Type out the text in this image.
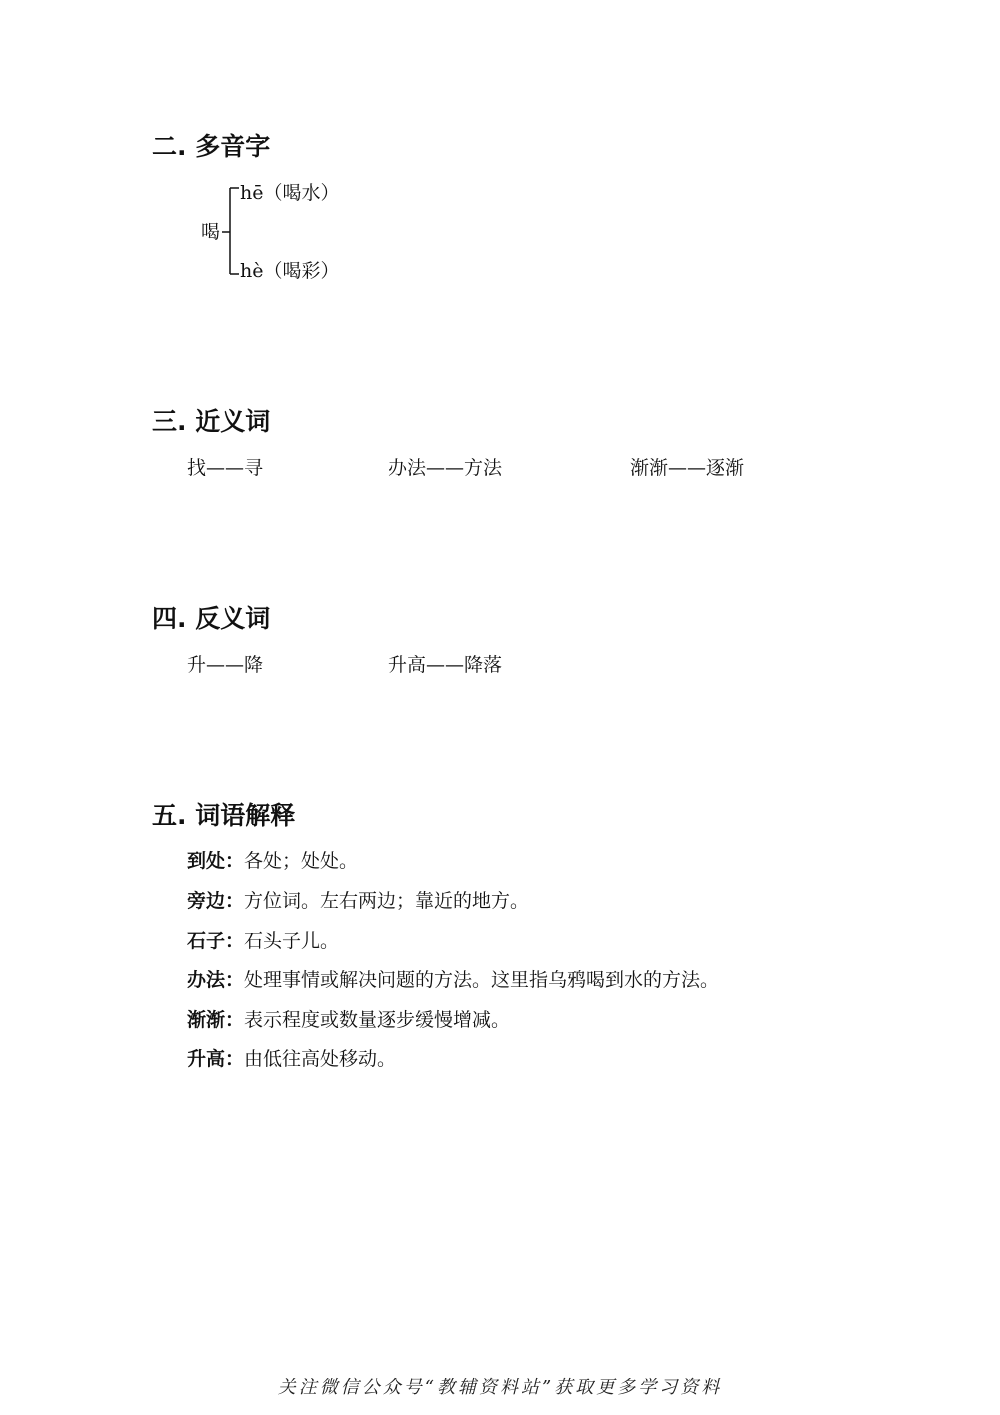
二. 多音字
喝
hē（喝水）
hè（喝彩）
三. 近义词
找——寻	办法——方法	渐渐——逐渐
四. 反义词
升——降	升高——降落
五. 词语解释
到处：各处；处处。
旁边：方位词。左右两边；靠近的地方。
石子：石头子儿。
办法：处理事情或解决问题的方法。这里指乌鸦喝到水的方法。
渐渐：表示程度或数量逐步缓慢增减。
升高：由低往高处移动。
关注微信公众号“教辅资料站”获取更多学习资料
